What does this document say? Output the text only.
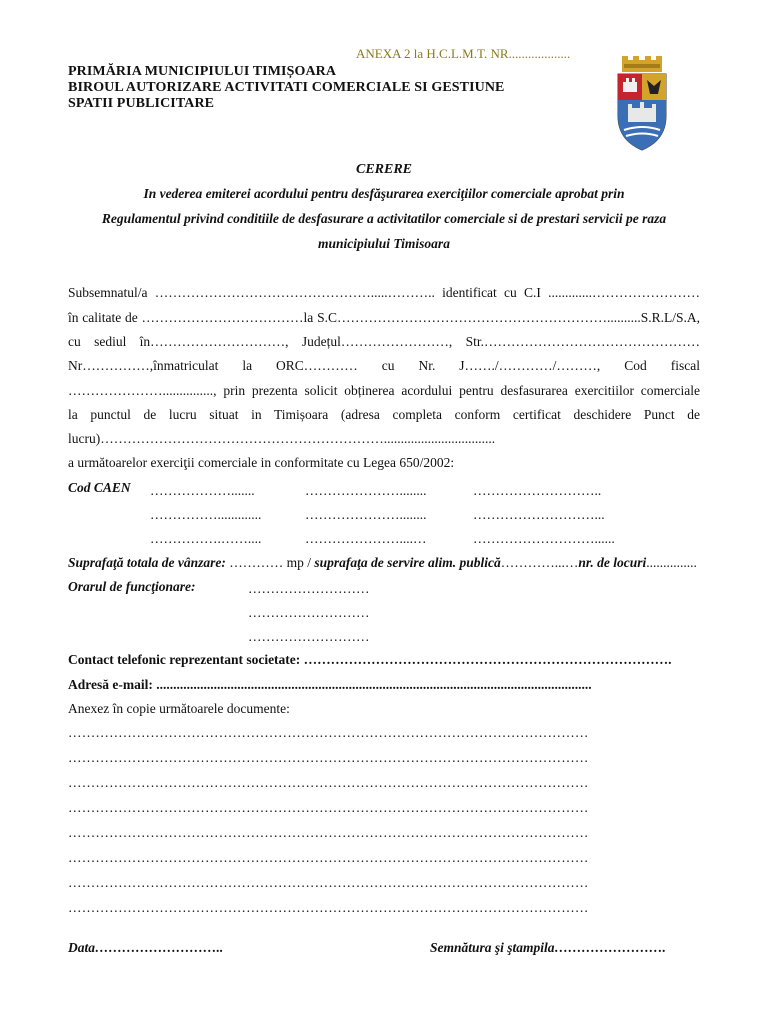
ANEXA 2 la H.C.L.M.T. NR...................
PRIMĂRIA MUNICIPIULUI TIMIȘOARA
BIROUL AUTORIZARE ACTIVITATI COMERCIALE SI GESTIUNE
SPATII PUBLICITARE
CERERE
In vederea emiterei acordului pentru desfăşurarea exerciţiilor comerciale aprobat prin
Regulamentul privind conditiile de desfasurare a activitatilor comerciale si de prestari servicii pe raza
municipiului Timisoara
Subsemnatul/a ………………………………………….....……….. identificat cu C.I .............……………………
în calitate de ………………………………la S.C……………………………………………………..........S.R.L/S.A,
cu sediul în…………………………, Județul……………………, Str.…………………………………………
Nr……………,înmatriculat la ORC………… cu Nr. J……./…………/………, Cod fiscal
…………………..............., prin prezenta solicit obținerea acordului pentru desfasurarea exercitiilor comerciale
la punctul de lucru situat in Timișoara (adresa completa conform certificat deschidere Punct de
lucru)……………………………………………………….................................
a următoarelor exerciţii comerciale in conformitate cu Legea 650/2002:
Cod CAEN ……………….......	…………………........	………………………..
…………….............	…………………........	………………………...
…………….……....	…………………....…	………………………......
Suprafaţă totala de vânzare: ………… mp / suprafaţa de servire alim. publică…………...…nr. de locuri...............
Orarul de funcţionare:	………………………
………………………
………………………
Contact telefonic reprezentant societate: ……………………………………………………………………….
Adresă e-mail: .................................................................................................................................
Anexez în copie următoarele documente:
……………………………………………………………………………………………………
……………………………………………………………………………………………………
……………………………………………………………………………………………………
……………………………………………………………………………………………………
……………………………………………………………………………………………………
……………………………………………………………………………………………………
……………………………………………………………………………………………………
……………………………………………………………………………………………………
Data………………………..	Semnătura şi ştampila…………………….
